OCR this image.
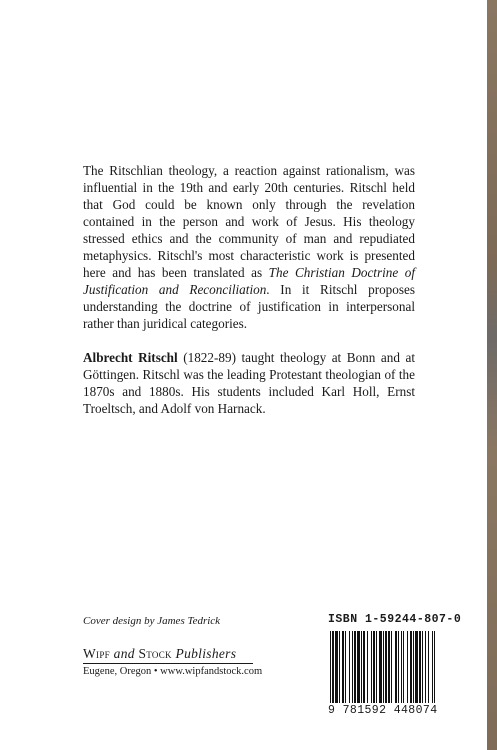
The Ritschlian theology, a reaction against rationalism, was influential in the 19th and early 20th centuries. Ritschl held that God could be known only through the revelation contained in the person and work of Jesus. His theology stressed ethics and the community of man and repudiated metaphysics. Ritschl's most characteristic work is presented here and has been translated as The Christian Doctrine of Justification and Reconciliation. In it Ritschl proposes understanding the doctrine of justification in interpersonal rather than juridical categories.

Albrecht Ritschl (1822-89) taught theology at Bonn and at Göttingen. Ritschl was the leading Protestant theologian of the 1870s and 1880s. His students included Karl Holl, Ernst Troeltsch, and Adolf von Harnack.

Cover design by James Tedrick
Wipf and Stock Publishers
Eugene, Oregon • www.wipfandstock.com
ISBN 1-59244-807-0
9 781592 448074
